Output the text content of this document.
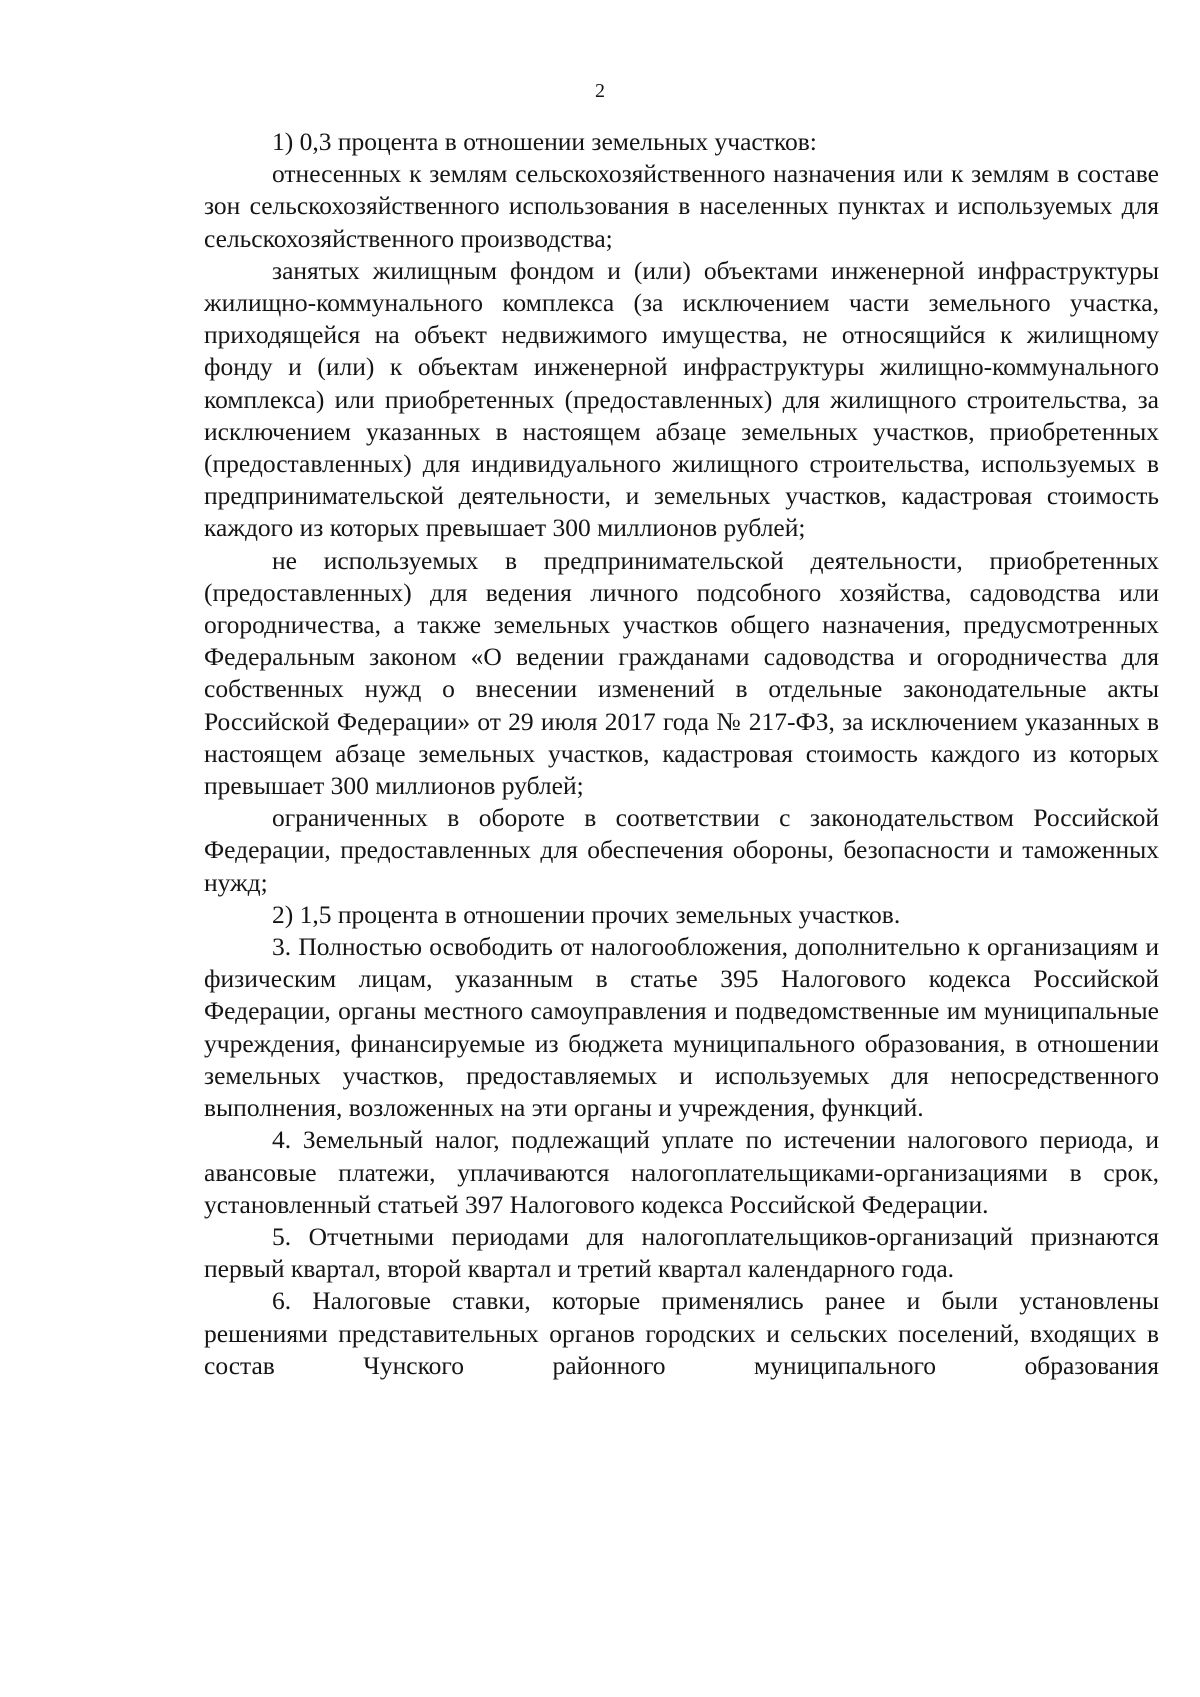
2

1) 0,3 процента в отношении земельных участков:

отнесенных к землям сельскохозяйственного назначения или к землям в составе зон сельскохозяйственного использования в населенных пунктах и используемых для сельскохозяйственного производства;

занятых жилищным фондом и (или) объектами инженерной инфраструктуры жилищно-коммунального комплекса (за исключением части земельного участка, приходящейся на объект недвижимого имущества, не относящийся к жилищному фонду и (или) к объектам инженерной инфраструктуры жилищно-коммунального комплекса) или приобретенных (предоставленных) для жилищного строительства, за исключением указанных в настоящем абзаце земельных участков, приобретенных (предоставленных) для индивидуального жилищного строительства, используемых в предпринимательской деятельности, и земельных участков, кадастровая стоимость каждого из которых превышает 300 миллионов рублей;

не используемых в предпринимательской деятельности, приобретенных (предоставленных) для ведения личного подсобного хозяйства, садоводства или огородничества, а также земельных участков общего назначения, предусмотренных Федеральным законом «О ведении гражданами садоводства и огородничества для собственных нужд о внесении изменений в отдельные законодательные акты Российской Федерации» от 29 июля 2017 года № 217-ФЗ, за исключением указанных в настоящем абзаце земельных участков, кадастровая стоимость каждого из которых превышает 300 миллионов рублей;

ограниченных в обороте в соответствии с законодательством Российской Федерации, предоставленных для обеспечения обороны, безопасности и таможенных нужд;

2) 1,5 процента в отношении прочих земельных участков.

3. Полностью освободить от налогообложения, дополнительно к организациям и физическим лицам, указанным в статье 395 Налогового кодекса Российской Федерации, органы местного самоуправления и подведомственные им муниципальные учреждения, финансируемые из бюджета муниципального образования, в отношении земельных участков, предоставляемых и используемых для непосредственного выполнения, возложенных на эти органы и учреждения, функций.

4. Земельный налог, подлежащий уплате по истечении налогового периода, и авансовые платежи, уплачиваются налогоплательщиками-организациями в срок, установленный статьей 397 Налогового кодекса Российской Федерации.

5. Отчетными периодами для налогоплательщиков-организаций признаются первый квартал, второй квартал и третий квартал календарного года.

6. Налоговые ставки, которые применялись ранее и были установлены решениями представительных органов городских и сельских поселений, входящих в состав Чунского районного муниципального образования
